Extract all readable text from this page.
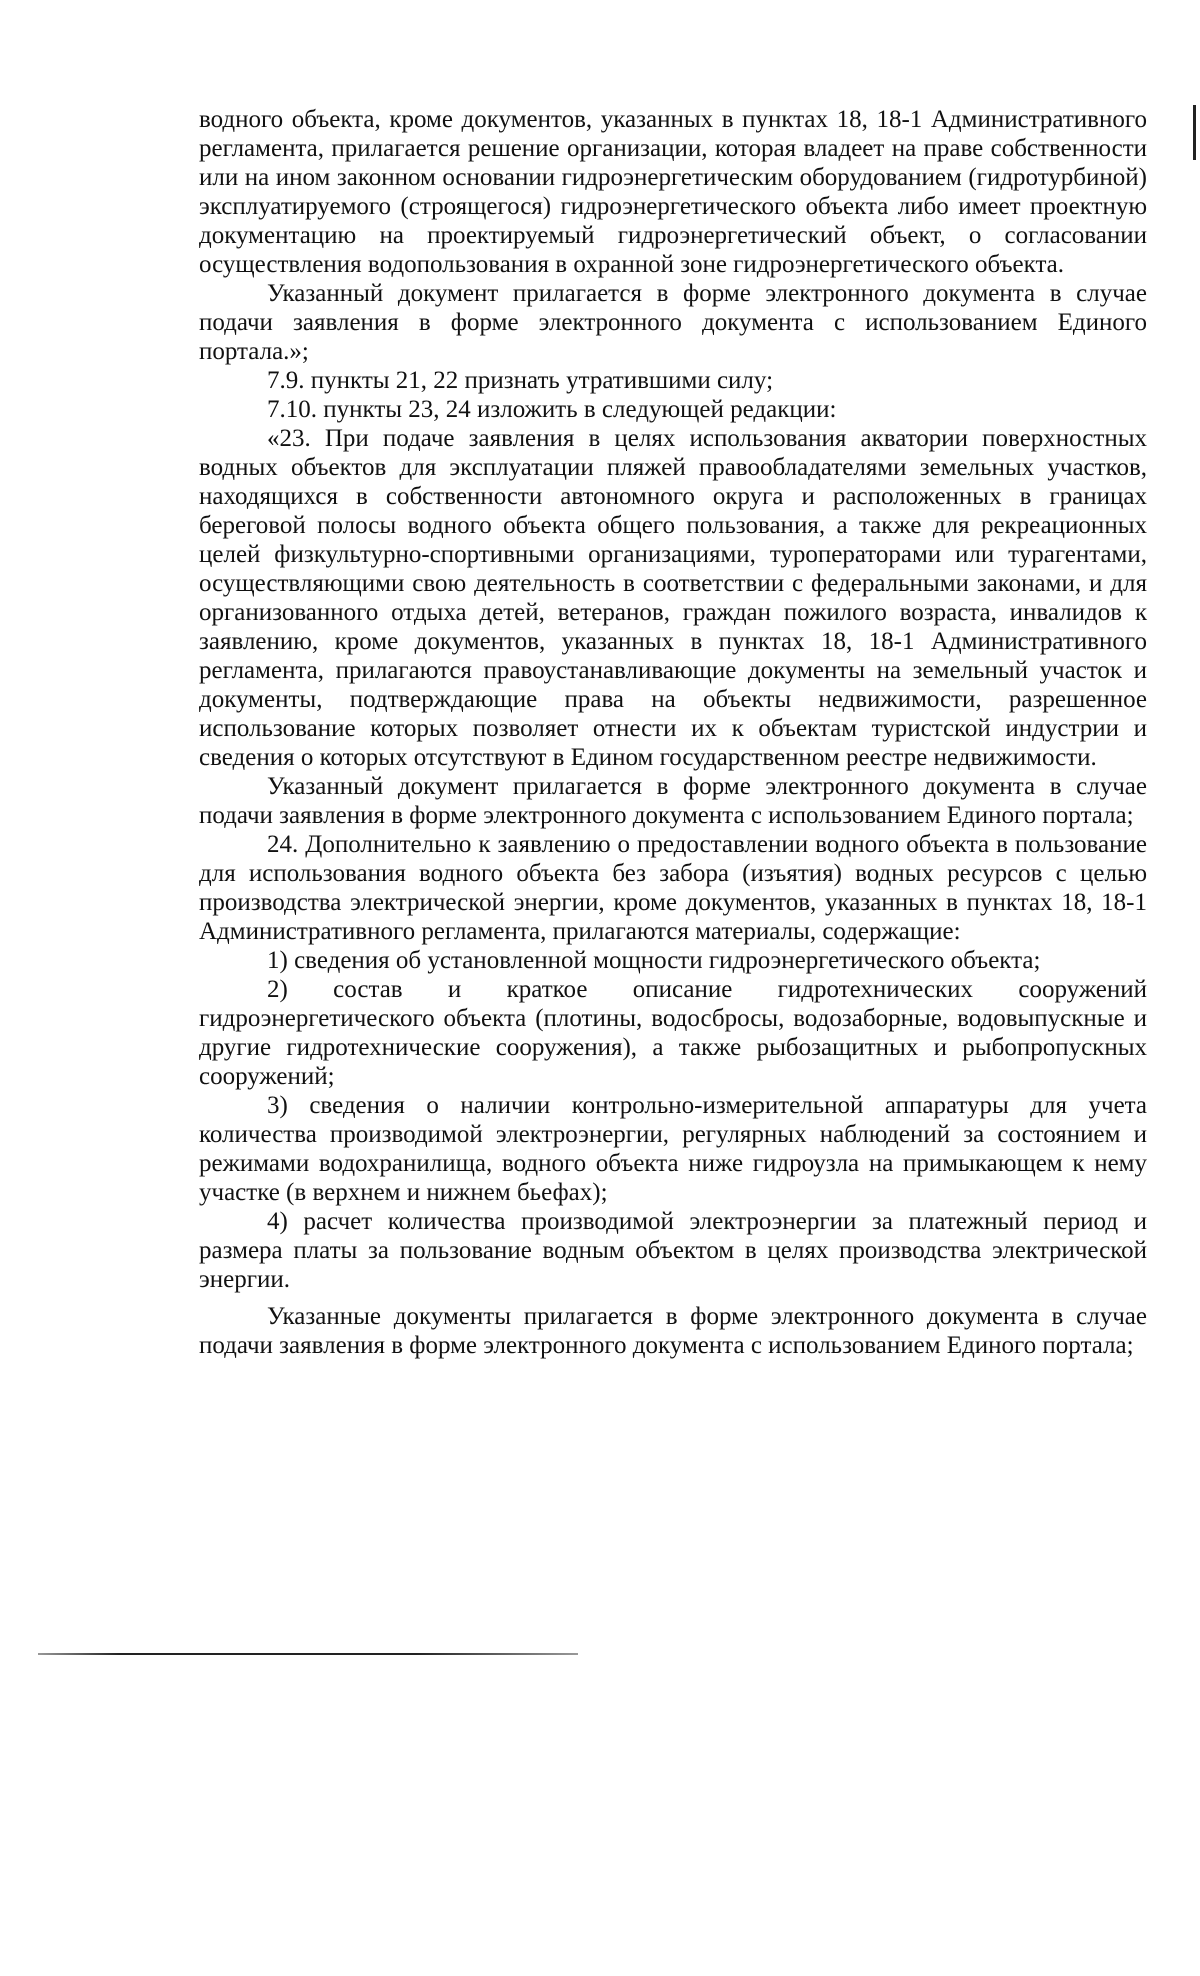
водного объекта, кроме документов, указанных в пунктах 18, 18-1 Административного регламента, прилагается решение организации, которая владеет на праве собственности или на ином законном основании гидроэнергетическим оборудованием (гидротурбиной) эксплуатируемого (строящегося) гидроэнергетического объекта либо имеет проектную документацию на проектируемый гидроэнергетический объект, о согласовании осуществления водопользования в охранной зоне гидроэнергетического объекта.

Указанный документ прилагается в форме электронного документа в случае подачи заявления в форме электронного документа с использованием Единого портала.»;

7.9. пункты 21, 22 признать утратившими силу;

7.10. пункты 23, 24 изложить в следующей редакции:

«23. При подаче заявления в целях использования акватории поверхностных водных объектов для эксплуатации пляжей правообладателями земельных участков, находящихся в собственности автономного округа и расположенных в границах береговой полосы водного объекта общего пользования, а также для рекреационных целей физкультурно-спортивными организациями, туроператорами или турагентами, осуществляющими свою деятельность в соответствии с федеральными законами, и для организованного отдыха детей, ветеранов, граждан пожилого возраста, инвалидов к заявлению, кроме документов, указанных в пунктах 18, 18-1 Административного регламента, прилагаются правоустанавливающие документы на земельный участок и документы, подтверждающие права на объекты недвижимости, разрешенное использование которых позволяет отнести их к объектам туристской индустрии и сведения о которых отсутствуют в Едином государственном реестре недвижимости.

Указанный документ прилагается в форме электронного документа в случае подачи заявления в форме электронного документа с использованием Единого портала;

24. Дополнительно к заявлению о предоставлении водного объекта в пользование для использования водного объекта без забора (изъятия) водных ресурсов с целью производства электрической энергии, кроме документов, указанных в пунктах 18, 18-1 Административного регламента, прилагаются материалы, содержащие:

1) сведения об установленной мощности гидроэнергетического объекта;

2) состав и краткое описание гидротехнических сооружений гидроэнергетического объекта (плотины, водосбросы, водозаборные, водовыпускные и другие гидротехнические сооружения), а также рыбозащитных и рыбопропускных сооружений;

3) сведения о наличии контрольно-измерительной аппаратуры для учета количества производимой электроэнергии, регулярных наблюдений за состоянием и режимами водохранилища, водного объекта ниже гидроузла на примыкающем к нему участке (в верхнем и нижнем бьефах);

4) расчет количества производимой электроэнергии за платежный период и размера платы за пользование водным объектом в целях производства электрической энергии.

Указанные документы прилагается в форме электронного документа в случае подачи заявления в форме электронного документа с использованием Единого портала;
